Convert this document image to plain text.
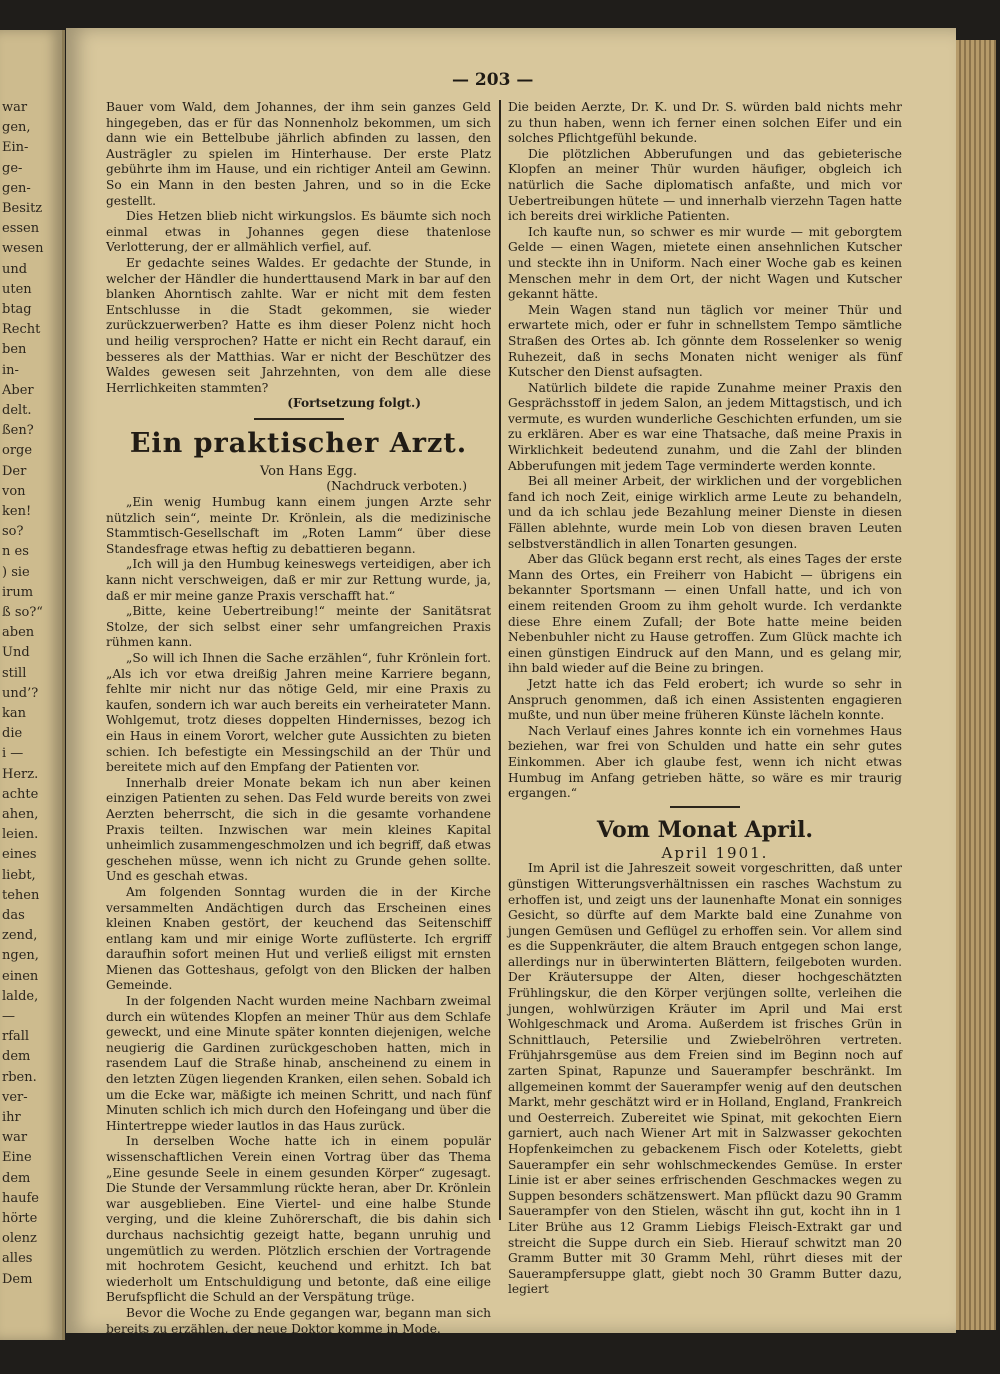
war
gen,
Ein-
ge-
gen-
Besitz
essen
wesen
und
uten
btag
Recht
ben
in-
Aber
delt.
ßen?
orge
Der
von
ken!
so?
n es
) sie
irum
ß so?“
aben
Und
still
und’?
kan
die
i —
Herz.
achte
ahen,
leien.
eines
liebt,
tehen
das
zend,
ngen,
einen
lalde,
—
rfall
dem
rben.
ver-
ihr
war
Eine
dem
haufe
hörte
olenz
alles
Dem
— 203 —

Bauer vom Wald, dem Johannes, der ihm sein ganzes Geld hingegeben, das er für das Nonnenholz bekommen, um sich dann wie ein Bettelbube jährlich abfinden zu lassen, den Austrägler zu spielen im Hinterhause. Der erste Platz gebührte ihm im Hause, und ein richtiger Anteil am Gewinn. So ein Mann in den besten Jahren, und so in die Ecke gestellt.

Dies Hetzen blieb nicht wirkungslos. Es bäumte sich noch einmal etwas in Johannes gegen diese thatenlose Verlotterung, der er allmählich verfiel, auf.

Er gedachte seines Waldes. Er gedachte der Stunde, in welcher der Händler die hunderttausend Mark in bar auf den blanken Ahorntisch zahlte. War er nicht mit dem festen Entschlusse in die Stadt gekommen, sie wieder zurückzuerwerben? Hatte es ihm dieser Polenz nicht hoch und heilig versprochen? Hatte er nicht ein Recht darauf, ein besseres als der Matthias. War er nicht der Beschützer des Waldes gewesen seit Jahrzehnten, von dem alle diese Herrlichkeiten stammten?

(Fortsetzung folgt.)

Ein praktischer Arzt.

Von Hans Egg.

(Nachdruck verboten.)

„Ein wenig Humbug kann einem jungen Arzte sehr nützlich sein“, meinte Dr. Krönlein, als die medizinische Stammtisch-Gesellschaft im „Roten Lamm“ über diese Standesfrage etwas heftig zu debattieren begann.

„Ich will ja den Humbug keineswegs verteidigen, aber ich kann nicht verschweigen, daß er mir zur Rettung wurde, ja, daß er mir meine ganze Praxis verschafft hat.“

„Bitte, keine Uebertreibung!“ meinte der Sanitätsrat Stolze, der sich selbst einer sehr umfangreichen Praxis rühmen kann.

„So will ich Ihnen die Sache erzählen“, fuhr Krönlein fort. „Als ich vor etwa dreißig Jahren meine Karriere begann, fehlte mir nicht nur das nötige Geld, mir eine Praxis zu kaufen, sondern ich war auch bereits ein verheirateter Mann. Wohlgemut, trotz dieses doppelten Hindernisses, bezog ich ein Haus in einem Vorort, welcher gute Aussichten zu bieten schien. Ich befestigte ein Messingschild an der Thür und bereitete mich auf den Empfang der Patienten vor.

Innerhalb dreier Monate bekam ich nun aber keinen einzigen Patienten zu sehen. Das Feld wurde bereits von zwei Aerzten beherrscht, die sich in die gesamte vorhandene Praxis teilten. Inzwischen war mein kleines Kapital unheimlich zusammengeschmolzen und ich begriff, daß etwas geschehen müsse, wenn ich nicht zu Grunde gehen sollte. Und es geschah etwas.

Am folgenden Sonntag wurden die in der Kirche versammelten Andächtigen durch das Erscheinen eines kleinen Knaben gestört, der keuchend das Seitenschiff entlang kam und mir einige Worte zuflüsterte. Ich ergriff daraufhin sofort meinen Hut und verließ eiligst mit ernsten Mienen das Gotteshaus, gefolgt von den Blicken der halben Gemeinde.

In der folgenden Nacht wurden meine Nachbarn zweimal durch ein wütendes Klopfen an meiner Thür aus dem Schlafe geweckt, und eine Minute später konnten diejenigen, welche neugierig die Gardinen zurückgeschoben hatten, mich in rasendem Lauf die Straße hinab, anscheinend zu einem in den letzten Zügen liegenden Kranken, eilen sehen. Sobald ich um die Ecke war, mäßigte ich meinen Schritt, und nach fünf Minuten schlich ich mich durch den Hofeingang und über die Hintertreppe wieder lautlos in das Haus zurück.

In derselben Woche hatte ich in einem populär wissenschaftlichen Verein einen Vortrag über das Thema „Eine gesunde Seele in einem gesunden Körper“ zugesagt. Die Stunde der Versammlung rückte heran, aber Dr. Krönlein war ausgeblieben. Eine Viertel- und eine halbe Stunde verging, und die kleine Zuhörerschaft, die bis dahin sich durchaus nachsichtig gezeigt hatte, begann unruhig und ungemütlich zu werden. Plötzlich erschien der Vortragende mit hochrotem Gesicht, keuchend und erhitzt. Ich bat wiederholt um Entschuldigung und betonte, daß eine eilige Berufspflicht die Schuld an der Verspätung trüge.

Bevor die Woche zu Ende gegangen war, begann man sich bereits zu erzählen, der neue Doktor komme in Mode.

Die beiden Aerzte, Dr. K. und Dr. S. würden bald nichts mehr zu thun haben, wenn ich ferner einen solchen Eifer und ein solches Pflichtgefühl bekunde.

Die plötzlichen Abberufungen und das gebieterische Klopfen an meiner Thür wurden häufiger, obgleich ich natürlich die Sache diplomatisch anfaßte, und mich vor Uebertreibungen hütete — und innerhalb vierzehn Tagen hatte ich bereits drei wirkliche Patienten.

Ich kaufte nun, so schwer es mir wurde — mit geborgtem Gelde — einen Wagen, mietete einen ansehnlichen Kutscher und steckte ihn in Uniform. Nach einer Woche gab es keinen Menschen mehr in dem Ort, der nicht Wagen und Kutscher gekannt hätte.

Mein Wagen stand nun täglich vor meiner Thür und erwartete mich, oder er fuhr in schnellstem Tempo sämtliche Straßen des Ortes ab. Ich gönnte dem Rosselenker so wenig Ruhezeit, daß in sechs Monaten nicht weniger als fünf Kutscher den Dienst aufsagten.

Natürlich bildete die rapide Zunahme meiner Praxis den Gesprächsstoff in jedem Salon, an jedem Mittagstisch, und ich vermute, es wurden wunderliche Geschichten erfunden, um sie zu erklären. Aber es war eine Thatsache, daß meine Praxis in Wirklichkeit bedeutend zunahm, und die Zahl der blinden Abberufungen mit jedem Tage verminderte werden konnte.

Bei all meiner Arbeit, der wirklichen und der vorgeblichen fand ich noch Zeit, einige wirklich arme Leute zu behandeln, und da ich schlau jede Bezahlung meiner Dienste in diesen Fällen ablehnte, wurde mein Lob von diesen braven Leuten selbstverständlich in allen Tonarten gesungen.

Aber das Glück begann erst recht, als eines Tages der erste Mann des Ortes, ein Freiherr von Habicht — übrigens ein bekannter Sportsmann — einen Unfall hatte, und ich von einem reitenden Groom zu ihm geholt wurde. Ich verdankte diese Ehre einem Zufall; der Bote hatte meine beiden Nebenbuhler nicht zu Hause getroffen. Zum Glück machte ich einen günstigen Eindruck auf den Mann, und es gelang mir, ihn bald wieder auf die Beine zu bringen.

Jetzt hatte ich das Feld erobert; ich wurde so sehr in Anspruch genommen, daß ich einen Assistenten engagieren mußte, und nun über meine früheren Künste lächeln konnte.

Nach Verlauf eines Jahres konnte ich ein vornehmes Haus beziehen, war frei von Schulden und hatte ein sehr gutes Einkommen. Aber ich glaube fest, wenn ich nicht etwas Humbug im Anfang getrieben hätte, so wäre es mir traurig ergangen.“

Vom Monat April.

April 1901.

Im April ist die Jahreszeit soweit vorgeschritten, daß unter günstigen Witterungsverhältnissen ein rasches Wachstum zu erhoffen ist, und zeigt uns der launenhafte Monat ein sonniges Gesicht, so dürfte auf dem Markte bald eine Zunahme von jungen Gemüsen und Geflügel zu erhoffen sein. Vor allem sind es die Suppenkräuter, die altem Brauch entgegen schon lange, allerdings nur in überwinterten Blättern, feilgeboten wurden. Der Kräutersuppe der Alten, dieser hochgeschätzten Frühlingskur, die den Körper verjüngen sollte, verleihen die jungen, wohlwürzigen Kräuter im April und Mai erst Wohlgeschmack und Aroma. Außerdem ist frisches Grün in Schnittlauch, Petersilie und Zwiebelröhren vertreten. Frühjahrsgemüse aus dem Freien sind im Beginn noch auf zarten Spinat, Rapunze und Sauerampfer beschränkt. Im allgemeinen kommt der Sauerampfer wenig auf den deutschen Markt, mehr geschätzt wird er in Holland, England, Frankreich und Oesterreich. Zubereitet wie Spinat, mit gekochten Eiern garniert, auch nach Wiener Art mit in Salzwasser gekochten Hopfenkeimchen zu gebackenem Fisch oder Koteletts, giebt Sauerampfer ein sehr wohlschmeckendes Gemüse. In erster Linie ist er aber seines erfrischenden Geschmackes wegen zu Suppen besonders schätzenswert. Man pflückt dazu 90 Gramm Sauerampfer von den Stielen, wäscht ihn gut, kocht ihn in 1 Liter Brühe aus 12 Gramm Liebigs Fleisch-Extrakt gar und streicht die Suppe durch ein Sieb. Hierauf schwitzt man 20 Gramm Butter mit 30 Gramm Mehl, rührt dieses mit der Sauerampfersuppe glatt, giebt noch 30 Gramm Butter dazu, legiert
